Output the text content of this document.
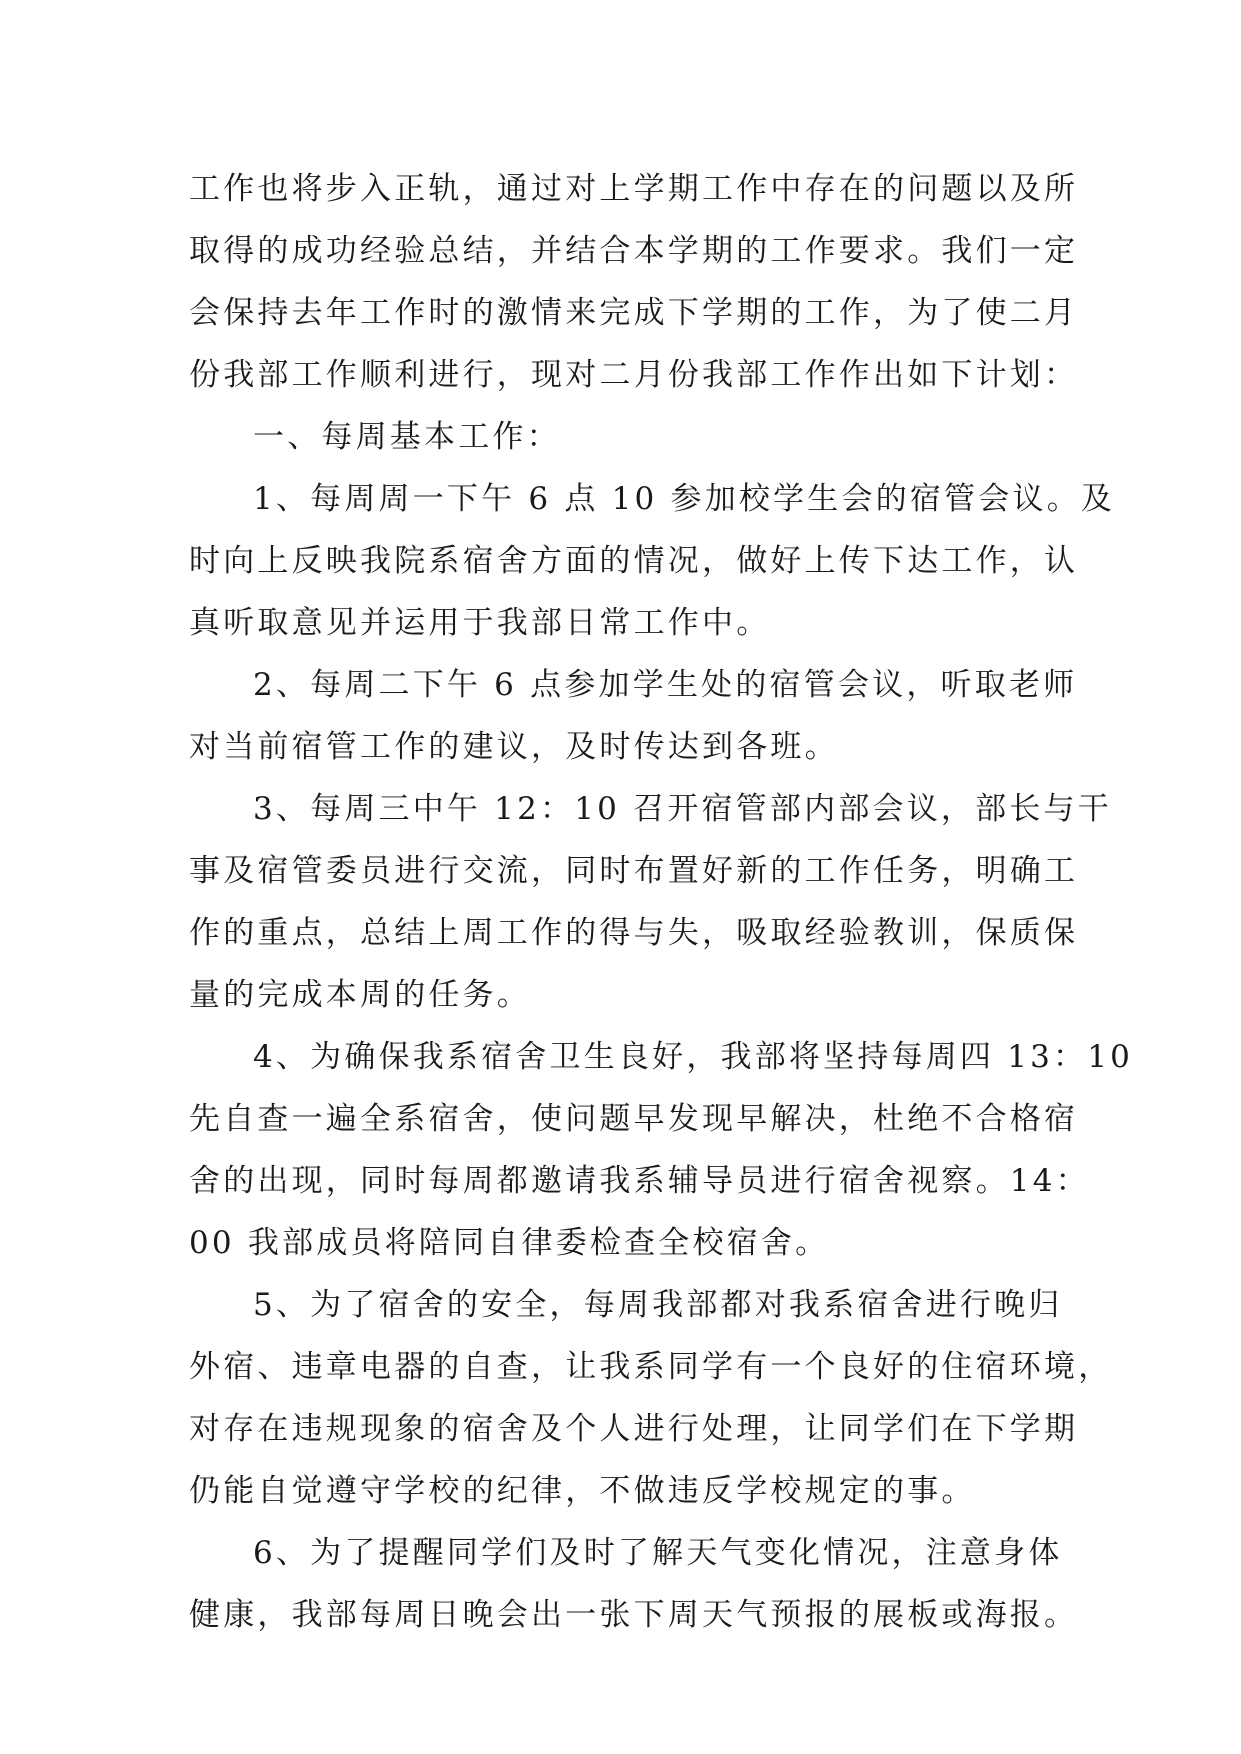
工作也将步入正轨，通过对上学期工作中存在的问题以及所
取得的成功经验总结，并结合本学期的工作要求。我们一定
会保持去年工作时的激情来完成下学期的工作，为了使二月
份我部工作顺利进行，现对二月份我部工作作出如下计划：
一、每周基本工作：
1、每周周一下午 6 点 10 参加校学生会的宿管会议。及
时向上反映我院系宿舍方面的情况，做好上传下达工作，认
真听取意见并运用于我部日常工作中。
2、每周二下午 6 点参加学生处的宿管会议，听取老师
对当前宿管工作的建议，及时传达到各班。
3、每周三中午 12：10 召开宿管部内部会议，部长与干
事及宿管委员进行交流，同时布置好新的工作任务，明确工
作的重点，总结上周工作的得与失，吸取经验教训，保质保
量的完成本周的任务。
4、为确保我系宿舍卫生良好，我部将坚持每周四 13：10
先自查一遍全系宿舍，使问题早发现早解决，杜绝不合格宿
舍的出现，同时每周都邀请我系辅导员进行宿舍视察。14：
00 我部成员将陪同自律委检查全校宿舍。
5、为了宿舍的安全，每周我部都对我系宿舍进行晚归
外宿、违章电器的自查，让我系同学有一个良好的住宿环境，
对存在违规现象的宿舍及个人进行处理，让同学们在下学期
仍能自觉遵守学校的纪律，不做违反学校规定的事。
6、为了提醒同学们及时了解天气变化情况，注意身体
健康，我部每周日晚会出一张下周天气预报的展板或海报。
